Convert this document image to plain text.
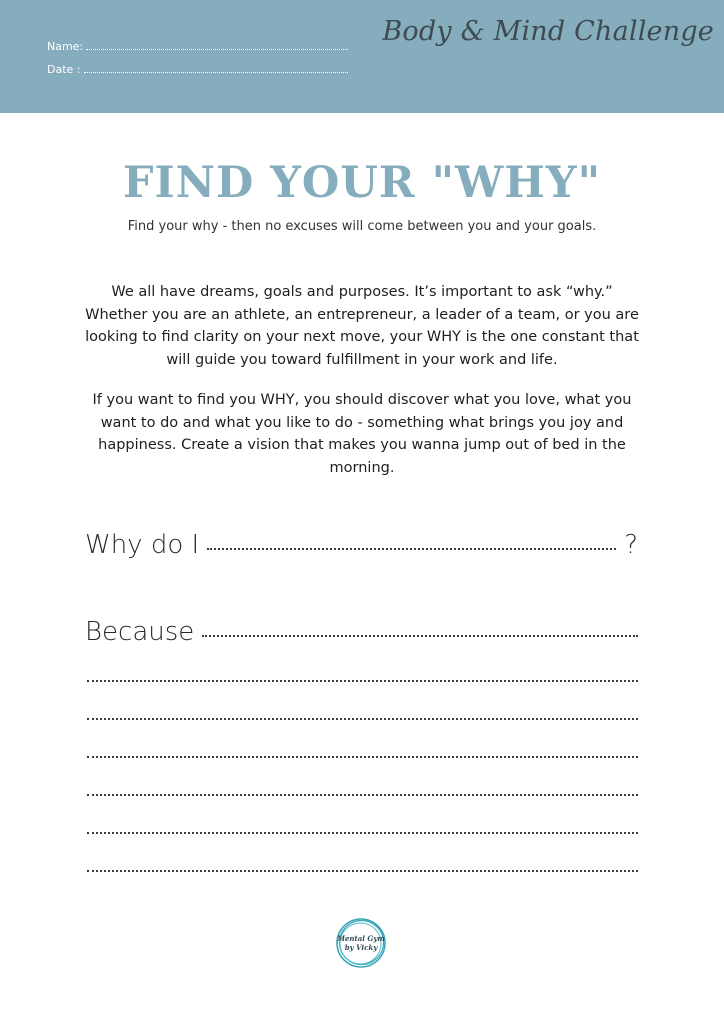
Name:
Date :
Body & Mind Challenge
FIND YOUR "WHY"
Find your why - then no excuses will come between you and your goals.
We all have dreams, goals and purposes. It’s important to ask “why.” Whether you are an athlete, an entrepreneur, a leader of a team, or you are looking to find clarity on your next move, your WHY is the one constant that will guide you toward fulfillment in your work and life.
If you want to find you WHY, you should discover what you love, what you want to do and what you like to do - something what brings you joy and happiness. Create a vision that makes you wanna jump out of bed in the morning.
Why do I	?
Because
Mental Gym
by Vicky
